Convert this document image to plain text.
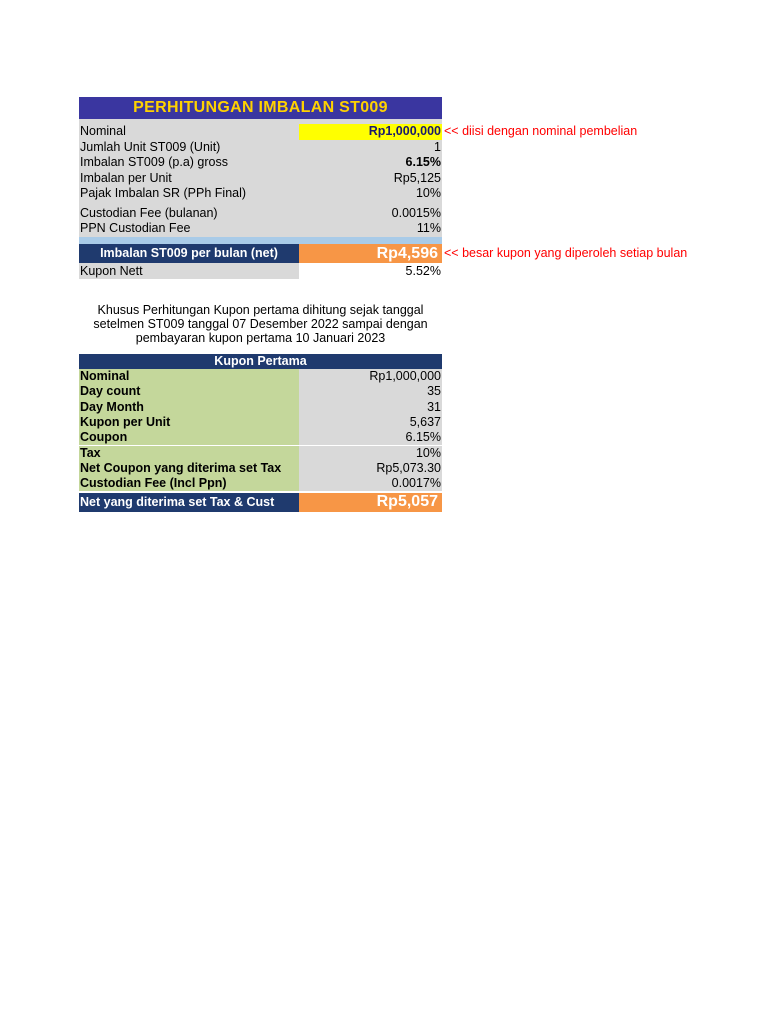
PERHITUNGAN IMBALAN ST009
Nominal	Rp1,000,000 << diisi dengan nominal pembelian
Jumlah Unit ST009 (Unit)	1
Imbalan ST009 (p.a) gross	6.15%
Imbalan per Unit	Rp5,125
Pajak Imbalan SR (PPh Final)	10%
Custodian Fee (bulanan)	0.0015%
PPN Custodian Fee	11%
Imbalan ST009 per bulan (net)	Rp4,596 << besar kupon yang diperoleh setiap bulan
Kupon Nett	5.52%
Khusus Perhitungan Kupon pertama dihitung sejak tanggal setelmen ST009 tanggal 07 Desember 2022 sampai dengan pembayaran kupon pertama 10 Januari 2023
Kupon Pertama
Nominal	Rp1,000,000
Day count	35
Day Month	31
Kupon per Unit	5,637
Coupon	6.15%
Tax	10%
Net Coupon yang diterima set Tax	Rp5,073.30
Custodian Fee (Incl Ppn)	0.0017%
Net yang diterima set Tax & Cust	Rp5,057
